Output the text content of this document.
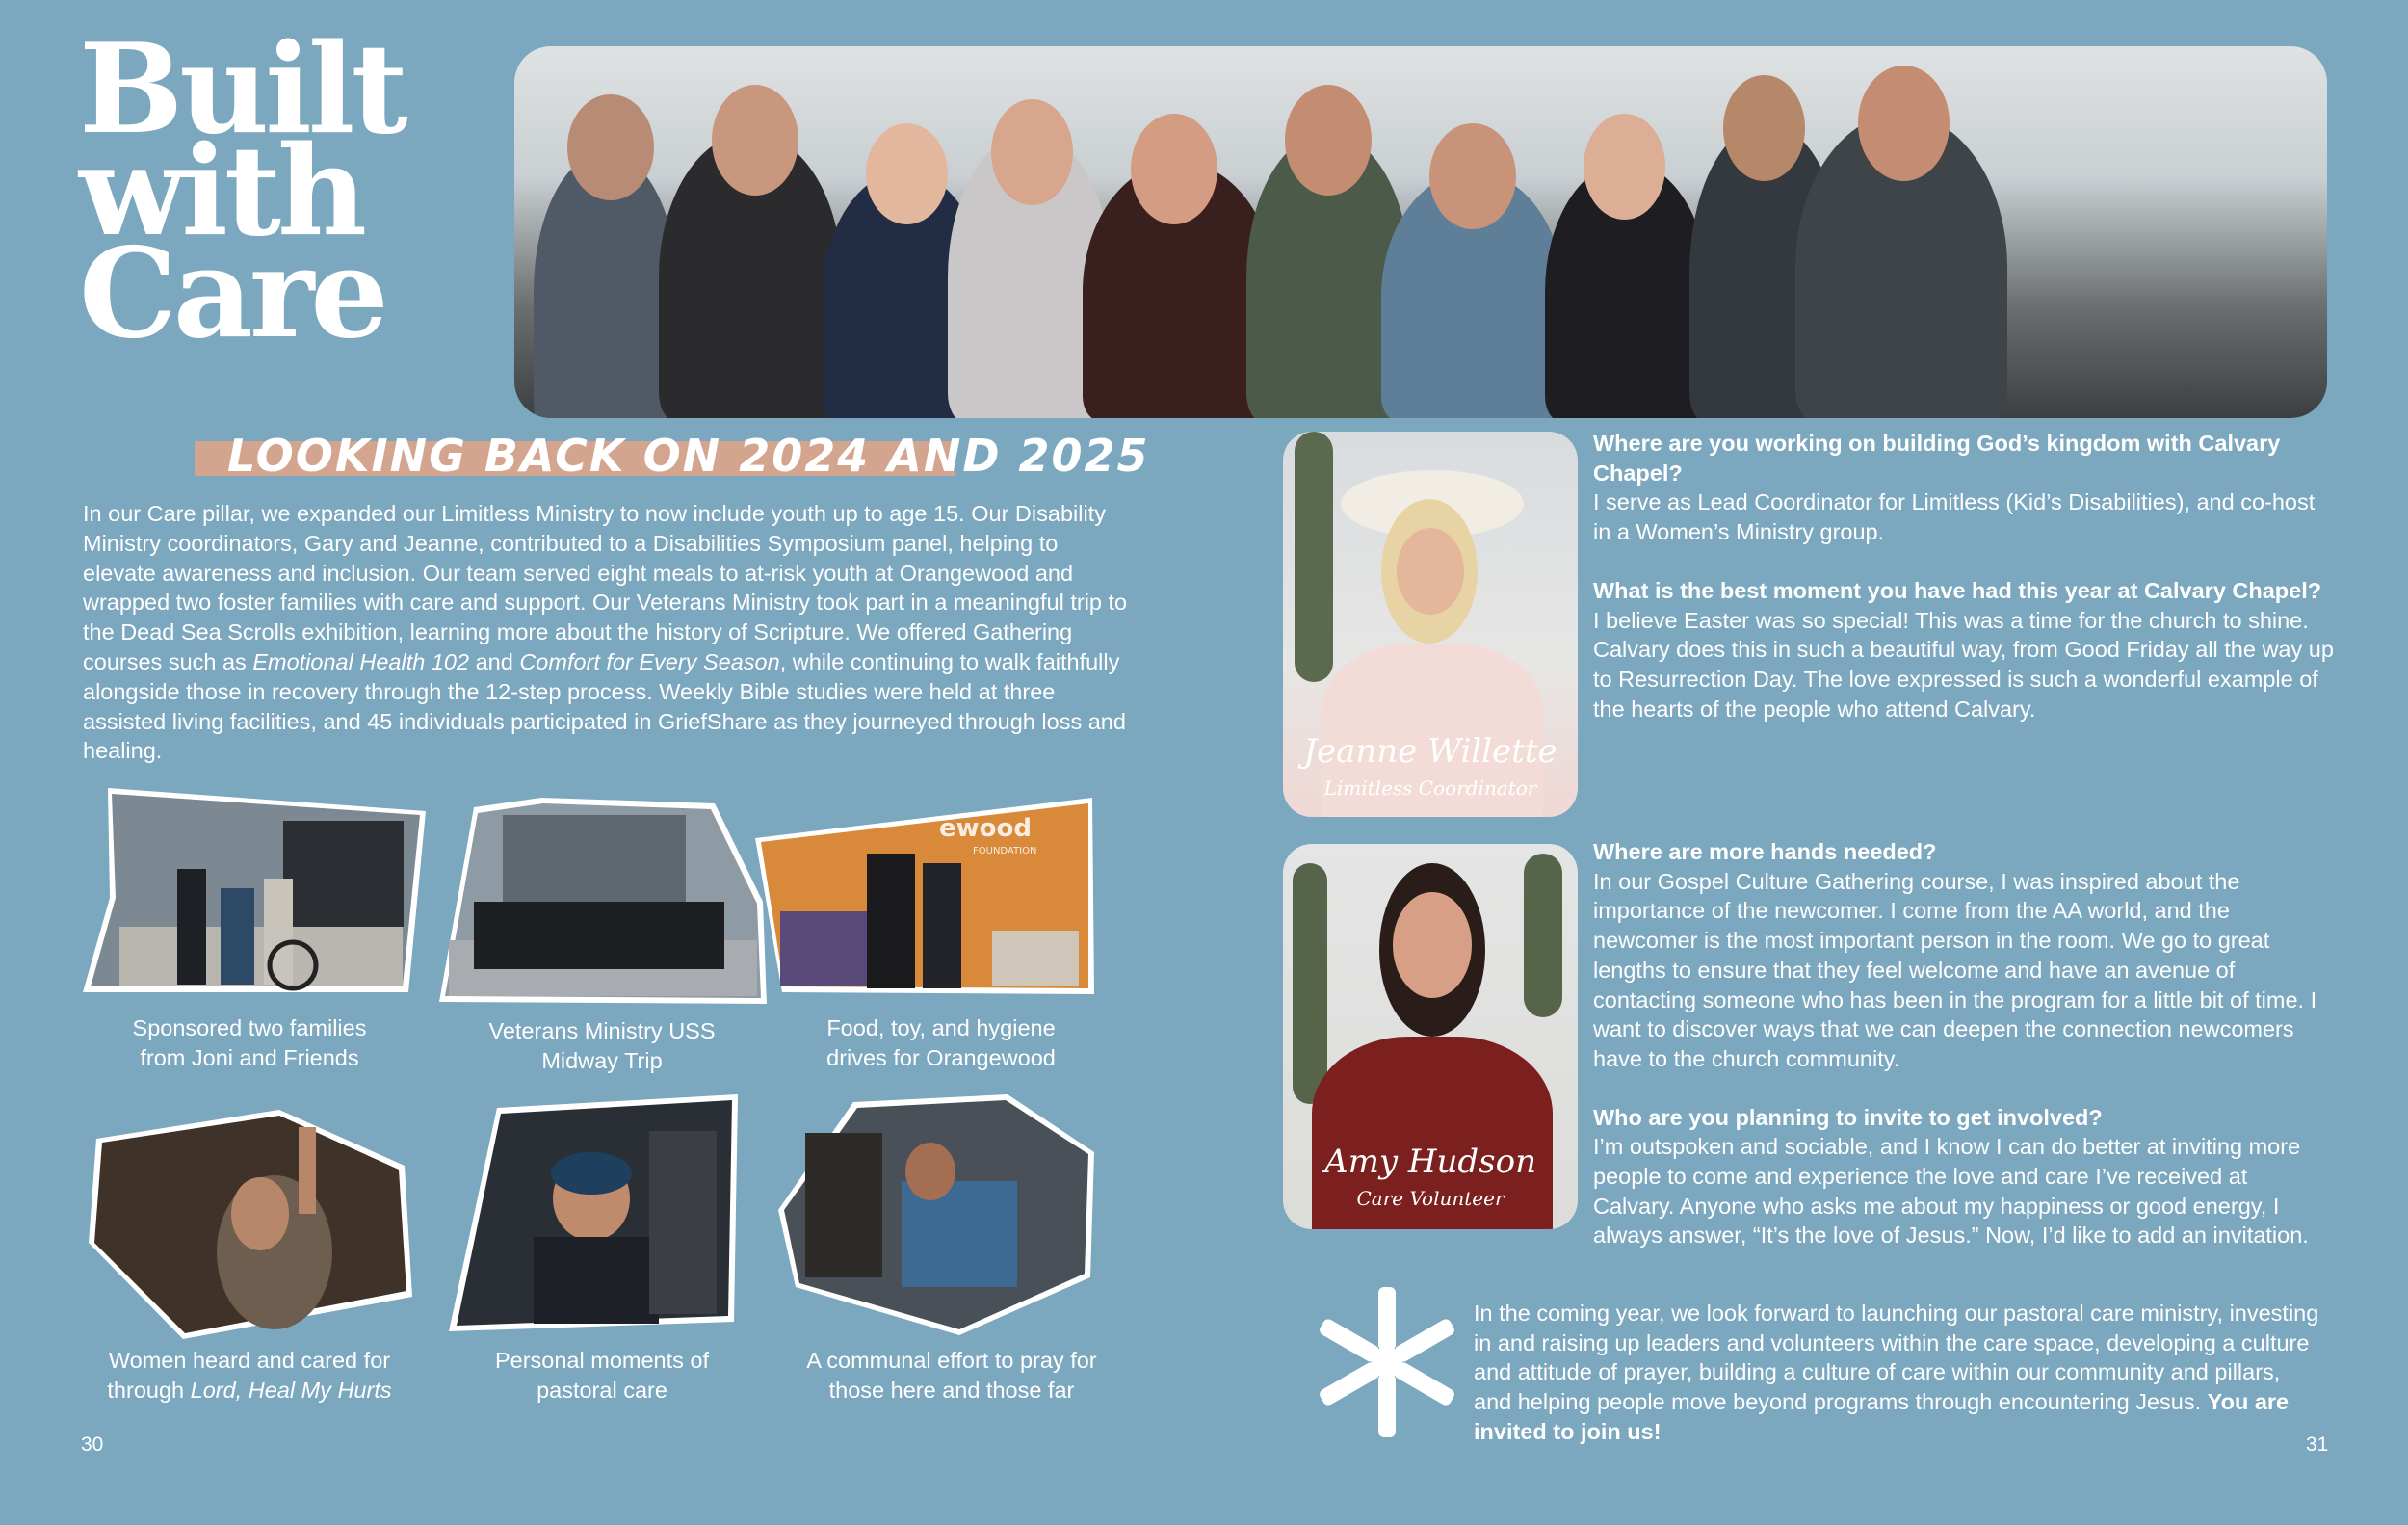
Built
with
Care
LOOKING BACK ON 2024 AND 2025

In our Care pillar, we expanded our Limitless Ministry to now include youth up to age 15. Our Disability Ministry coordinators, Gary and Jeanne, contributed to a Disabilities Symposium panel, helping to elevate awareness and inclusion. Our team served eight meals to at-risk youth at Orangewood and wrapped two foster families with care and support. Our Veterans Ministry took part in a meaningful trip to the Dead Sea Scrolls exhibition, learning more about the history of Scripture. We offered Gathering courses such as Emotional Health 102 and Comfort for Every Season, while continuing to walk faithfully alongside those in recovery through the 12-step process. Weekly Bible studies were held at three assisted living facilities, and 45 individuals participated in GriefShare as they journeyed through loss and healing.

ewood
FOUNDATION

Sponsored two families
from Joni and Friends

Veterans Ministry USS
Midway Trip

Food, toy, and hygiene
drives for Orangewood

Women heard and cared for
through Lord, Heal My Hurts

Personal moments of
pastoral care

A communal effort to pray for
those here and those far

Jeanne Willette
Limitless Coordinator

Where are you working on building God’s kingdom with Calvary Chapel?

I serve as Lead Coordinator for Limitless (Kid’s Disabilities), and co-host in a Women’s Ministry group.

What is the best moment you have had this year at Calvary Chapel?

I believe Easter was so special! This was a time for the church to shine. Calvary does this in such a beautiful way, from Good Friday all the way up to Resurrection Day. The love expressed is such a wonderful example of the hearts of the people who attend Calvary.

Amy Hudson
Care Volunteer

Where are more hands needed?

In our Gospel Culture Gathering course, I was inspired about the importance of the newcomer. I come from the AA world, and the newcomer is the most important person in the room. We go to great lengths to ensure that they feel welcome and have an avenue of contacting someone who has been in the program for a little bit of time. I want to discover ways that we can deepen the connection newcomers have to the church community.

Who are you planning to invite to get involved?

I’m outspoken and sociable, and I know I can do better at inviting more people to come and experience the love and care I’ve received at Calvary. Anyone who asks me about my happiness or good energy, I always answer, “It’s the love of Jesus.” Now, I’d like to add an invitation.

In the coming year, we look forward to launching our pastoral care ministry, investing in and raising up leaders and volunteers within the care space, developing a culture and attitude of prayer, building a culture of care within our community and pillars, and helping people move beyond programs through encountering Jesus. You are invited to join us!

30	31
